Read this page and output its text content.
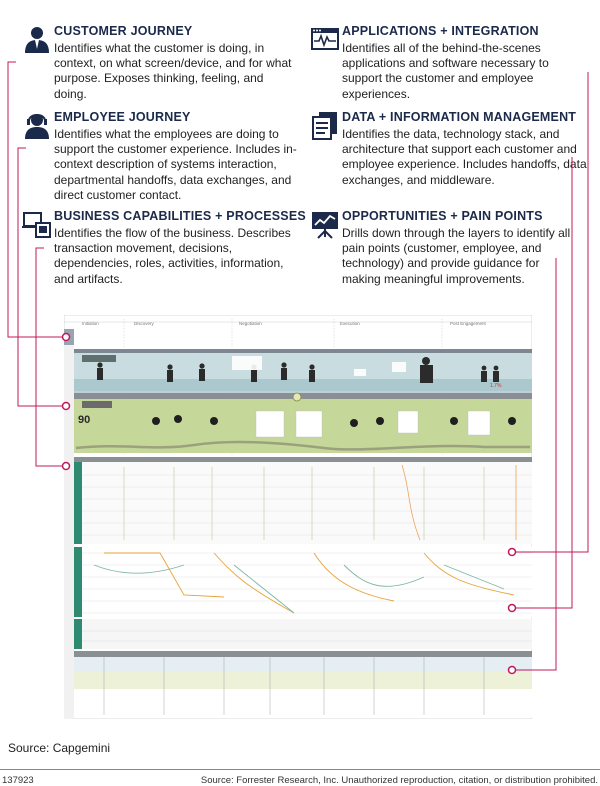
CUSTOMER JOURNEY

Identifies what the customer is doing, in context, on what screen/device, and for what purpose. Exposes thinking, feeling, and doing.

EMPLOYEE JOURNEY

Identifies what the employees are doing to support the customer experience. Includes in-context description of systems interaction, departmental handoffs, data exchanges, and direct customer contact.

BUSINESS CAPABILITIES + PROCESSES

Identifies the flow of the business. Describes transaction movement, decisions, dependencies, roles, activities, information, and artifacts.

APPLICATIONS + INTEGRATION

Identifies all of the behind-the-scenes applications and software necessary to support the customer and employee experiences.

DATA + INFORMATION MANAGEMENT

Identifies the data, technology stack, and architecture that support each customer and employee experience. Includes handoffs, data exchanges, and middleware.

OPPORTUNITIES + PAIN POINTS

Drills down through the layers to identify all pain points (customer, employee, and technology) and provide guidance for making meaningful improvements.

Initiation	Discovery	Negotiation	Execution	Post Engagement
1.7%
90
Source: Capgemini
137923	Source: Forrester Research, Inc. Unauthorized reproduction, citation, or distribution prohibited.
